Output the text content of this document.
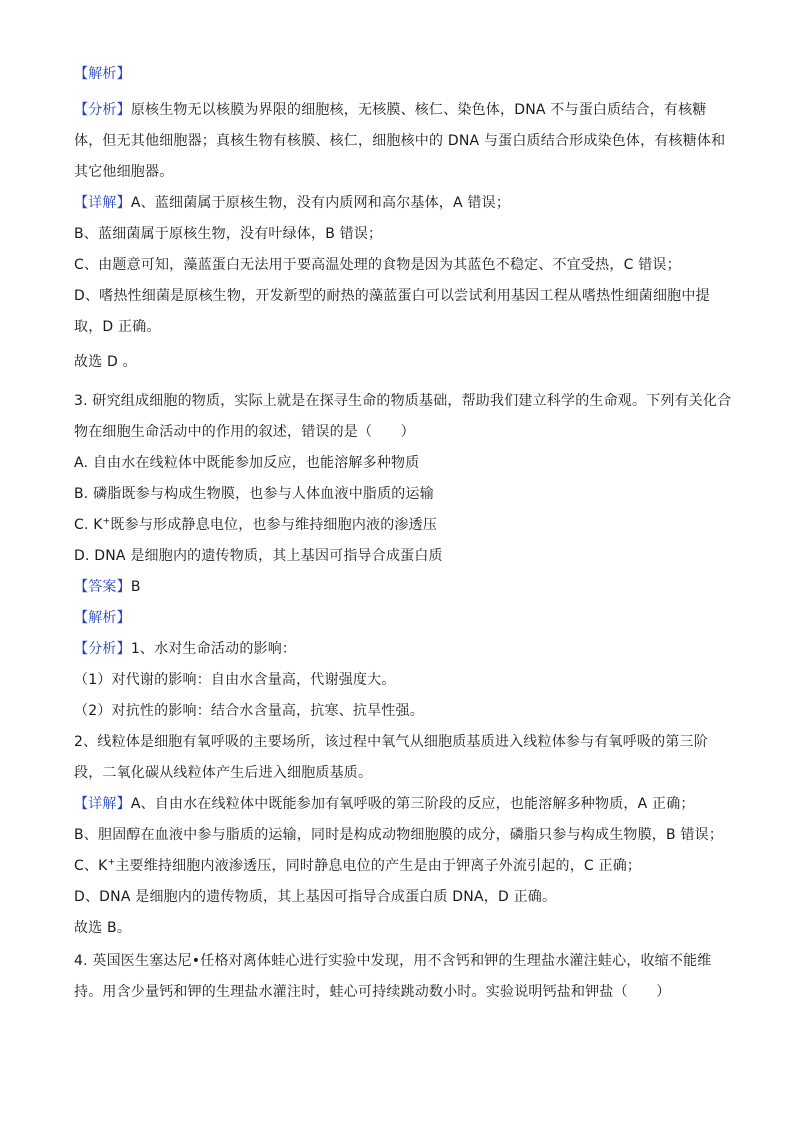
【解析】
【分析】原核生物无以核膜为界限的细胞核，无核膜、核仁、染色体，DNA 不与蛋白质结合，有核糖
体，但无其他细胞器；真核生物有核膜、核仁，细胞核中的 DNA 与蛋白质结合形成染色体，有核糖体和
其它他细胞器。
【详解】A、蓝细菌属于原核生物，没有内质网和高尔基体，A 错误；
B、蓝细菌属于原核生物，没有叶绿体，B 错误；
C、由题意可知，藻蓝蛋白无法用于要高温处理的食物是因为其蓝色不稳定、不宜受热，C 错误；
D、嗜热性细菌是原核生物，开发新型的耐热的藻蓝蛋白可以尝试利用基因工程从嗜热性细菌细胞中提
取，D 正确。
故选 D 。
3. 研究组成细胞的物质，实际上就是在探寻生命的物质基础，帮助我们建立科学的生命观。下列有关化合
物在细胞生命活动中的作用的叙述，错误的是（　　）
A. 自由水在线粒体中既能参加反应，也能溶解多种物质
B. 磷脂既参与构成生物膜，也参与人体血液中脂质的运输
C. K+既参与形成静息电位，也参与维持细胞内液的渗透压
D. DNA 是细胞内的遗传物质，其上基因可指导合成蛋白质
【答案】B
【解析】
【分析】1、水对生命活动的影响：
（1）对代谢的影响：自由水含量高，代谢强度大。
（2）对抗性的影响：结合水含量高，抗寒、抗旱性强。
2、线粒体是细胞有氧呼吸的主要场所，该过程中氧气从细胞质基质进入线粒体参与有氧呼吸的第三阶
段，二氧化碳从线粒体产生后进入细胞质基质。
【详解】A、自由水在线粒体中既能参加有氧呼吸的第三阶段的反应，也能溶解多种物质，A 正确；
B、胆固醇在血液中参与脂质的运输，同时是构成动物细胞膜的成分，磷脂只参与构成生物膜，B 错误；
C、K+主要维持细胞内液渗透压，同时静息电位的产生是由于钾离子外流引起的，C 正确；
D、DNA 是细胞内的遗传物质，其上基因可指导合成蛋白质 DNA，D 正确。
故选 B。
4. 英国医生塞达尼•任格对离体蛙心进行实验中发现，用不含钙和钾的生理盐水灌注蛙心，收缩不能维
持。用含少量钙和钾的生理盐水灌注时，蛙心可持续跳动数小时。实验说明钙盐和钾盐（　　）
